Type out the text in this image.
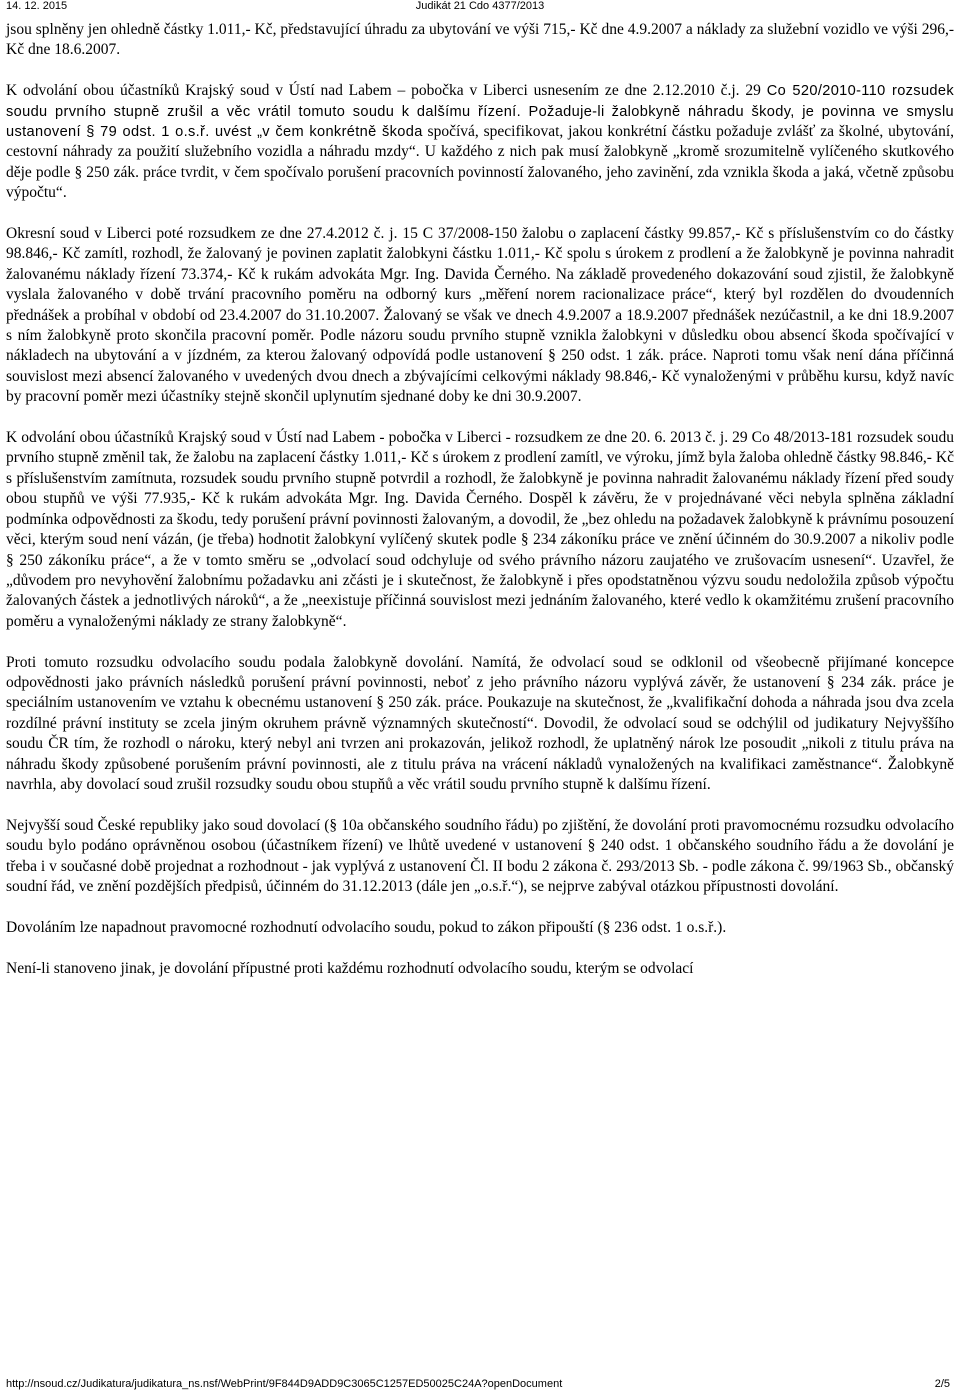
14. 12. 2015	Judikát 21 Cdo 4377/2013

jsou splněny jen ohledně částky 1.011,- Kč, představující úhradu za ubytování ve výši 715,- Kč dne 4.9.2007 a náklady za služební vozidlo ve výši 296,- Kč dne 18.6.2007.

K odvolání obou účastníků Krajský soud v Ústí nad Labem – pobočka v Liberci usnesením ze dne 2.12.2010 č.j. 29 Co 520/2010-110 rozsudek soudu prvního stupně zrušil a věc vrátil tomuto soudu k dalšímu řízení. Požaduje-li žalobkyně náhradu škody, je povinna ve smyslu ustanovení § 79 odst. 1 o.s.ř. uvést „v čem konkrétně škoda spočívá, specifikovat, jakou konkrétní částku požaduje zvlášť za školné, ubytování, cestovní náhrady za použití služebního vozidla a náhradu mzdy“. U každého z nich pak musí žalobkyně „kromě srozumitelně vylíčeného skutkového děje podle § 250 zák. práce tvrdit, v čem spočívalo porušení pracovních povinností žalovaného, jeho zavinění, zda vznikla škoda a jaká, včetně způsobu výpočtu“.

Okresní soud v Liberci poté rozsudkem ze dne 27.4.2012 č. j. 15 C 37/2008-150 žalobu o zaplacení částky 99.857,- Kč s příslušenstvím co do částky 98.846,- Kč zamítl, rozhodl, že žalovaný je povinen zaplatit žalobkyni částku 1.011,- Kč spolu s úrokem z prodlení a že žalobkyně je povinna nahradit žalovanému náklady řízení 73.374,- Kč k rukám advokáta Mgr. Ing. Davida Černého. Na základě provedeného dokazování soud zjistil, že žalobkyně vyslala žalovaného v době trvání pracovního poměru na odborný kurs „měření norem racionalizace práce“, který byl rozdělen do dvoudenních přednášek a probíhal v období od 23.4.2007 do 31.10.2007. Žalovaný se však ve dnech 4.9.2007 a 18.9.2007 přednášek nezúčastnil, a ke dni 18.9.2007 s ním žalobkyně proto skončila pracovní poměr. Podle názoru soudu prvního stupně vznikla žalobkyni v důsledku obou absencí škoda spočívající v nákladech na ubytování a v jízdném, za kterou žalovaný odpovídá podle ustanovení § 250 odst. 1 zák. práce. Naproti tomu však není dána příčinná souvislost mezi absencí žalovaného v uvedených dvou dnech a zbývajícími celkovými náklady 98.846,- Kč vynaloženými v průběhu kursu, když navíc by pracovní poměr mezi účastníky stejně skončil uplynutím sjednané doby ke dni 30.9.2007.

K odvolání obou účastníků Krajský soud v Ústí nad Labem - pobočka v Liberci - rozsudkem ze dne 20. 6. 2013 č. j. 29 Co 48/2013-181 rozsudek soudu prvního stupně změnil tak, že žalobu na zaplacení částky 1.011,- Kč s úrokem z prodlení zamítl, ve výroku, jímž byla žaloba ohledně částky 98.846,- Kč s příslušenstvím zamítnuta, rozsudek soudu prvního stupně potvrdil a rozhodl, že žalobkyně je povinna nahradit žalovanému náklady řízení před soudy obou stupňů ve výši 77.935,- Kč k rukám advokáta Mgr. Ing. Davida Černého. Dospěl k závěru, že v projednávané věci nebyla splněna základní podmínka odpovědnosti za škodu, tedy porušení právní povinnosti žalovaným, a dovodil, že „bez ohledu na požadavek žalobkyně k právnímu posouzení věci, kterým soud není vázán, (je třeba) hodnotit žalobkyní vylíčený skutek podle § 234 zákoníku práce ve znění účinném do 30.9.2007 a nikoliv podle § 250 zákoníku práce“, a že v tomto směru se „odvolací soud odchyluje od svého právního názoru zaujatého ve zrušovacím usnesení“. Uzavřel, že „důvodem pro nevyhovění žalobnímu požadavku ani zčásti je i skutečnost, že žalobkyně i přes opodstatněnou výzvu soudu nedoložila způsob výpočtu žalovaných částek a jednotlivých nároků“, a že „neexistuje příčinná souvislost mezi jednáním žalovaného, které vedlo k okamžitému zrušení pracovního poměru a vynaloženými náklady ze strany žalobkyně“.

Proti tomuto rozsudku odvolacího soudu podala žalobkyně dovolání. Namítá, že odvolací soud se odklonil od všeobecně přijímané koncepce odpovědnosti jako právních následků porušení právní povinnosti, neboť z jeho právního názoru vyplývá závěr, že ustanovení § 234 zák. práce je speciálním ustanovením ve vztahu k obecnému ustanovení § 250 zák. práce. Poukazuje na skutečnost, že „kvalifikační dohoda a náhrada jsou dva zcela rozdílné právní instituty se zcela jiným okruhem právně významných skutečností“. Dovodil, že odvolací soud se odchýlil od judikatury Nejvyššího soudu ČR tím, že rozhodl o nároku, který nebyl ani tvrzen ani prokazován, jelikož rozhodl, že uplatněný nárok lze posoudit „nikoli z titulu práva na náhradu škody způsobené porušením právní povinnosti, ale z titulu práva na vrácení nákladů vynaložených na kvalifikaci zaměstnance“. Žalobkyně navrhla, aby dovolací soud zrušil rozsudky soudu obou stupňů a věc vrátil soudu prvního stupně k dalšímu řízení.

Nejvyšší soud České republiky jako soud dovolací (§ 10a občanského soudního řádu) po zjištění, že dovolání proti pravomocnému rozsudku odvolacího soudu bylo podáno oprávněnou osobou (účastníkem řízení) ve lhůtě uvedené v ustanovení § 240 odst. 1 občanského soudního řádu a že dovolání je třeba i v současné době projednat a rozhodnout - jak vyplývá z ustanovení Čl. II bodu 2 zákona č. 293/2013 Sb. - podle zákona č. 99/1963 Sb., občanský soudní řád, ve znění pozdějších předpisů, účinném do 31.12.2013 (dále jen „o.s.ř.“), se nejprve zabýval otázkou přípustnosti dovolání.

Dovoláním lze napadnout pravomocné rozhodnutí odvolacího soudu, pokud to zákon připouští (§ 236 odst. 1 o.s.ř.).

Není-li stanoveno jinak, je dovolání přípustné proti každému rozhodnutí odvolacího soudu, kterým se odvolací

http://nsoud.cz/Judikatura/judikatura_ns.nsf/WebPrint/9F844D9ADD9C3065C1257ED50025C24A?openDocument	2/5
